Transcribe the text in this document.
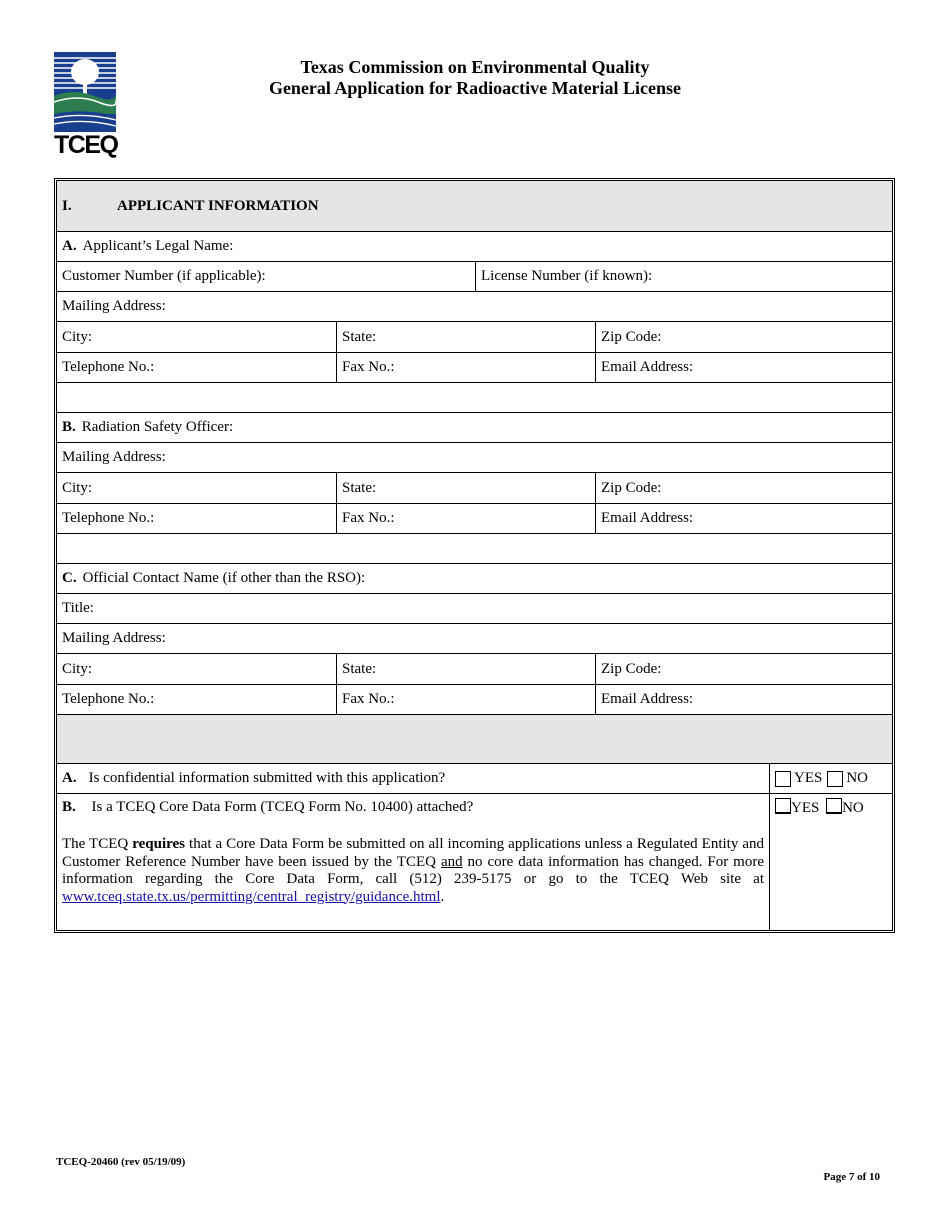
TCEQ
Texas Commission on Environmental Quality
General Application for Radioactive Material License
I.	APPLICANT INFORMATION
A. Applicant’s Legal Name:
Customer Number (if applicable):	License Number (if known):
Mailing Address:
City:	State:	Zip Code:
Telephone No.:	Fax No.:	Email Address:
B. Radiation Safety Officer:
Mailing Address:
City:	State:	Zip Code:
Telephone No.:	Fax No.:	Email Address:
C. Official Contact Name (if other than the RSO):
Title:
Mailing Address:
City:	State:	Zip Code:
Telephone No.:	Fax No.:	Email Address:
A. Is confidential information submitted with this application?	YES NO
B. Is a TCEQ Core Data Form (TCEQ Form No. 10400) attached?
The TCEQ requires that a Core Data Form be submitted on all incoming applications unless a Regulated Entity and Customer Reference Number have been issued by the TCEQ and no core data information has changed. For more information regarding the Core Data Form, call (512) 239-5175 or go to the TCEQ Web site at www.tceq.state.tx.us/permitting/central_registry/guidance.html.
YES NO
TCEQ-20460 (rev 05/19/09)
Page 7 of 10
